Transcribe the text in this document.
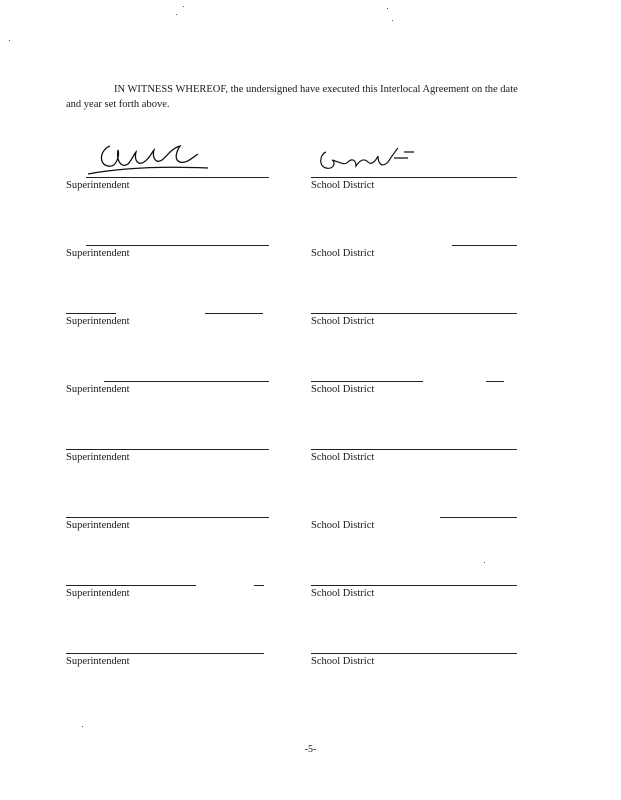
IN WITNESS WHEREOF, the undersigned have executed this Interlocal Agreement on the date and year set forth above.

Superintendent	School District
Superintendent	School District
Superintendent	School District
Superintendent	School District
Superintendent	School District
Superintendent	School District
Superintendent	School District
Superintendent	School District
-5-
